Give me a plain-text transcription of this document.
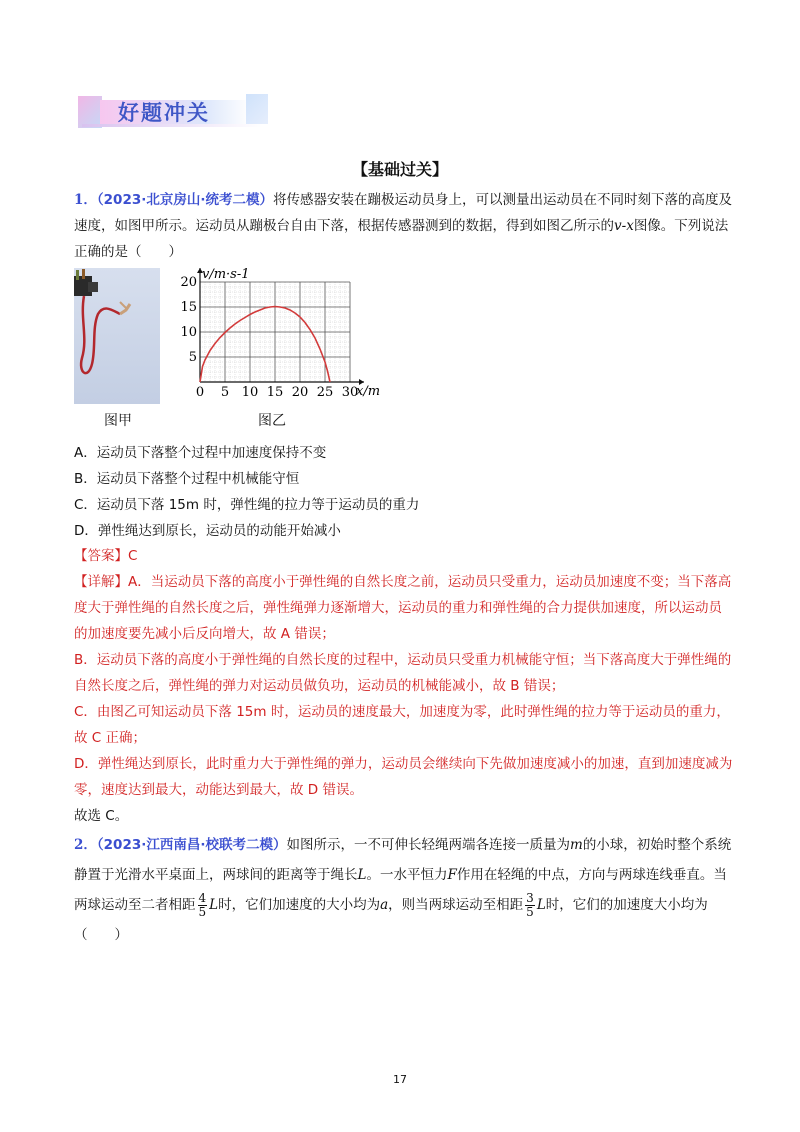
好题冲关
【基础过关】
1．（2023·北京房山·统考二模）将传感器安装在蹦极运动员身上，可以测量出运动员在不同时刻下落的高度及速度，如图甲所示。运动员从蹦极台自由下落，根据传感器测到的数据，得到如图乙所示的v-x图像。下列说法正确的是（　　）
图甲
0 5 10 15 20 25 30
5
10
15
20
v/m·s-1
x/m
图乙
A．运动员下落整个过程中加速度保持不变
B．运动员下落整个过程中机械能守恒
C．运动员下落 15m 时，弹性绳的拉力等于运动员的重力
D．弹性绳达到原长，运动员的动能开始减小
【答案】C
【详解】A．当运动员下落的高度小于弹性绳的自然长度之前，运动员只受重力，运动员加速度不变；当下落高度大于弹性绳的自然长度之后，弹性绳弹力逐渐增大，运动员的重力和弹性绳的合力提供加速度，所以运动员的加速度要先减小后反向增大，故 A 错误；
B．运动员下落的高度小于弹性绳的自然长度的过程中，运动员只受重力机械能守恒；当下落高度大于弹性绳的自然长度之后，弹性绳的弹力对运动员做负功，运动员的机械能减小，故 B 错误；
C．由图乙可知运动员下落 15m 时，运动员的速度最大，加速度为零，此时弹性绳的拉力等于运动员的重力，故 C 正确；
D．弹性绳达到原长，此时重力大于弹性绳的弹力，运动员会继续向下先做加速度减小的加速，直到加速度减为零，速度达到最大，动能达到最大，故 D 错误。
故选 C。
2．（2023·江西南昌·校联考二模）如图所示，一不可伸长轻绳两端各连接一质量为m的小球，初始时整个系统静置于光滑水平桌面上，两球间的距离等于绳长L。一水平恒力F作用在轻绳的中点，方向与两球连线垂直。当两球运动至二者相距 $\frac{4}{5}$ L时，它们加速度的大小均为a，则当两球运动至相距 $\frac{3}{5}$ L时，它们的加速度大小均为（　　）
17
